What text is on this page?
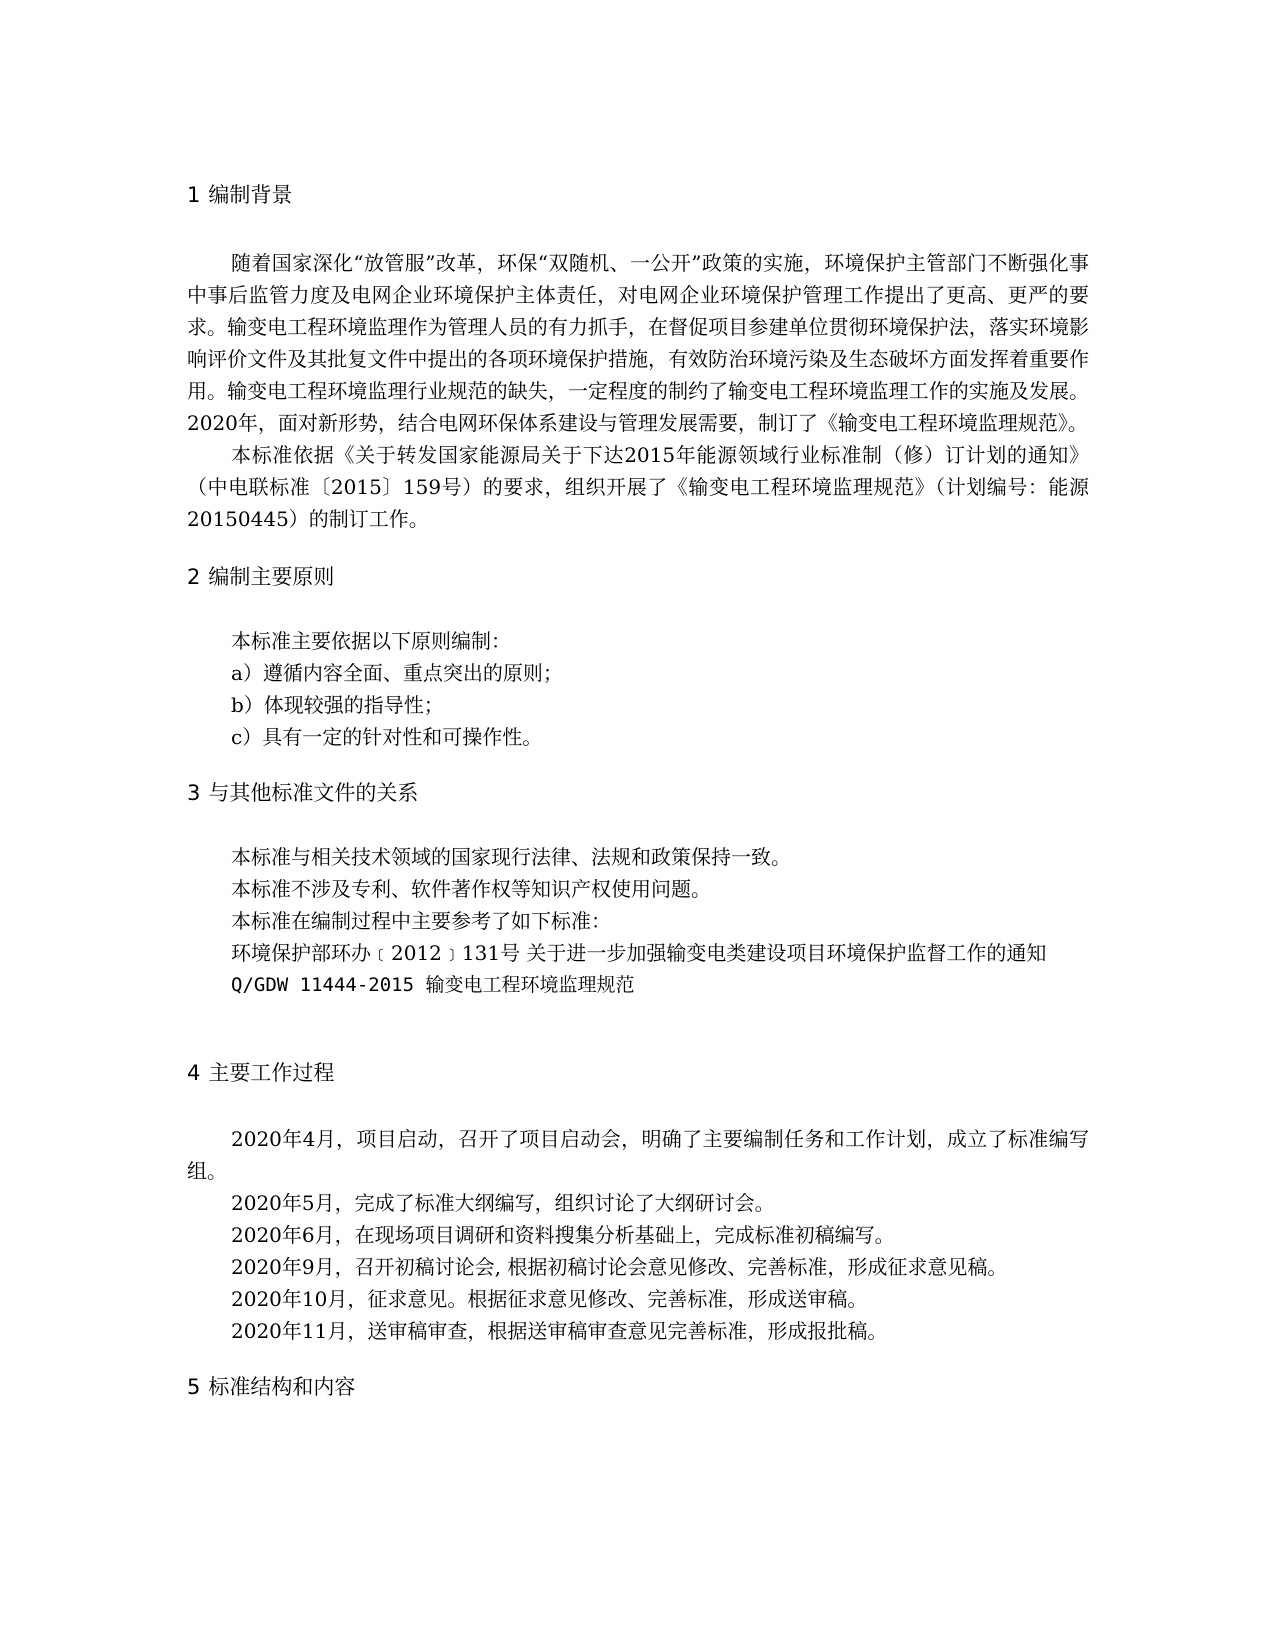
1 编制背景

随着国家深化“放管服”改革，环保“双随机、一公开”政策的实施，环境保护主管部门不断强化事中事后监管力度及电网企业环境保护主体责任，对电网企业环境保护管理工作提出了更高、更严的要求。输变电工程环境监理作为管理人员的有力抓手，在督促项目参建单位贯彻环境保护法，落实环境影响评价文件及其批复文件中提出的各项环境保护措施，有效防治环境污染及生态破坏方面发挥着重要作用。输变电工程环境监理行业规范的缺失，一定程度的制约了输变电工程环境监理工作的实施及发展。2020年，面对新形势，结合电网环保体系建设与管理发展需要，制订了《输变电工程环境监理规范》。

本标准依据《关于转发国家能源局关于下达2015年能源领域行业标准制（修）订计划的通知》（中电联标准〔2015〕159号）的要求，组织开展了《输变电工程环境监理规范》（计划编号：能源20150445）的制订工作。

2 编制主要原则

本标准主要依据以下原则编制：

a）遵循内容全面、重点突出的原则；

b）体现较强的指导性；

c）具有一定的针对性和可操作性。

3 与其他标准文件的关系

本标准与相关技术领域的国家现行法律、法规和政策保持一致。

本标准不涉及专利、软件著作权等知识产权使用问题。

本标准在编制过程中主要参考了如下标准：

环境保护部环办﹝2012﹞131号 关于进一步加强输变电类建设项目环境保护监督工作的通知

Q/GDW 11444-2015 输变电工程环境监理规范

4 主要工作过程

2020年4月，项目启动，召开了项目启动会，明确了主要编制任务和工作计划，成立了标准编写组。

2020年5月，完成了标准大纲编写，组织讨论了大纲研讨会。

2020年6月，在现场项目调研和资料搜集分析基础上，完成标准初稿编写。

2020年9月，召开初稿讨论会, 根据初稿讨论会意见修改、完善标准，形成征求意见稿。

2020年10月，征求意见。根据征求意见修改、完善标准，形成送审稿。

2020年11月，送审稿审查，根据送审稿审查意见完善标准，形成报批稿。

5 标准结构和内容
